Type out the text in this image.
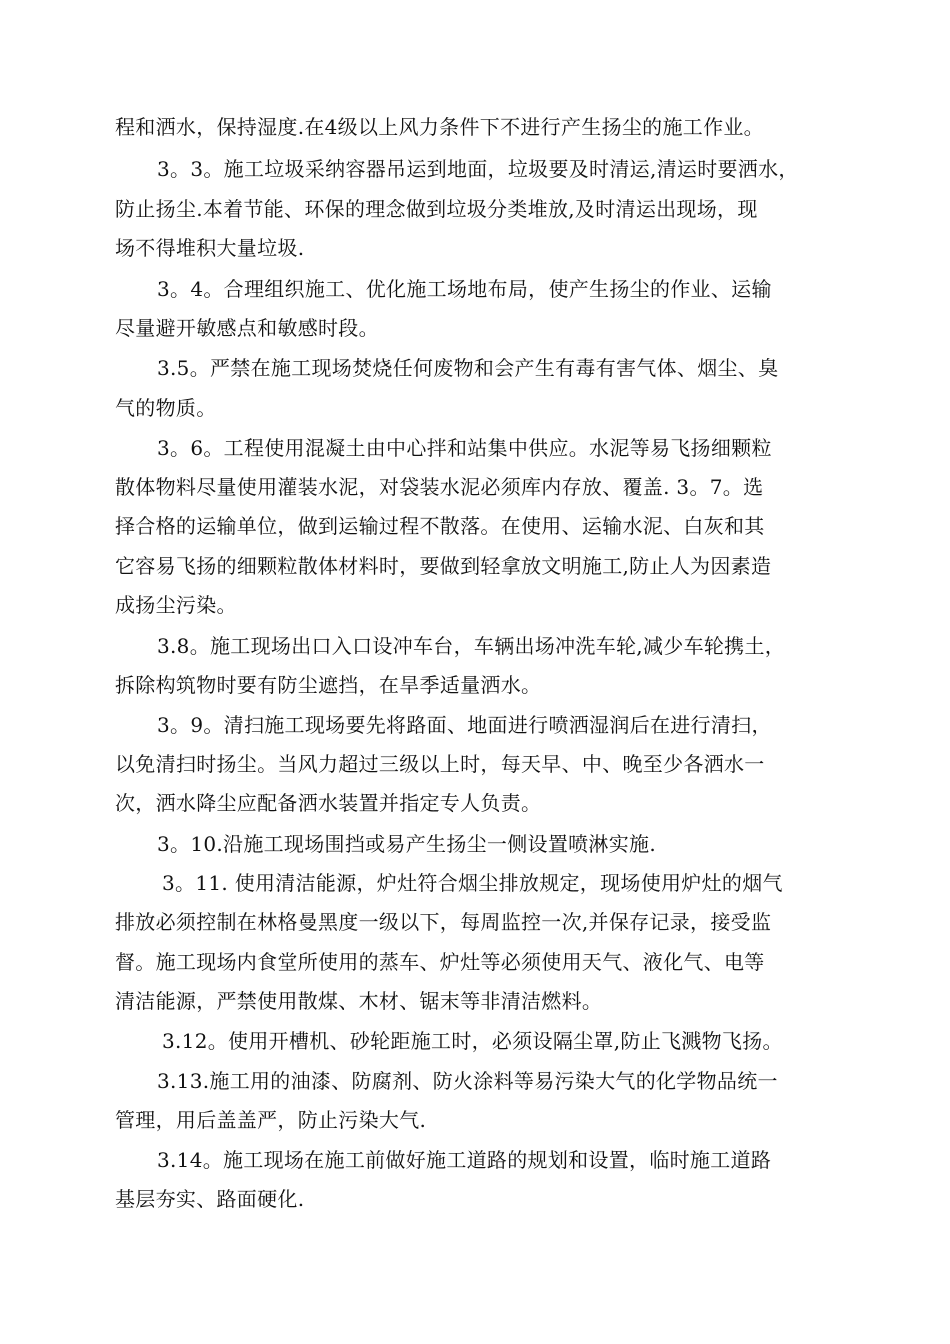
程和洒水，保持湿度.在4级以上风力条件下不进行产生扬尘的施工作业。
3。3。施工垃圾采纳容器吊运到地面，垃圾要及时清运,清运时要洒水，
防止扬尘.本着节能、环保的理念做到垃圾分类堆放,及时清运出现场，现
场不得堆积大量垃圾.
3。4。合理组织施工、优化施工场地布局，使产生扬尘的作业、运输
尽量避开敏感点和敏感时段。
3.5。严禁在施工现场焚烧任何废物和会产生有毒有害气体、烟尘、臭
气的物质。
3。6。工程使用混凝土由中心拌和站集中供应。水泥等易飞扬细颗粒
散体物料尽量使用灌装水泥，对袋装水泥必须库内存放、覆盖. 3。7。选
择合格的运输单位，做到运输过程不散落。在使用、运输水泥、白灰和其
它容易飞扬的细颗粒散体材料时，要做到轻拿放文明施工,防止人为因素造
成扬尘污染。
3.8。施工现场出口入口设冲车台，车辆出场冲洗车轮,减少车轮携土，
拆除构筑物时要有防尘遮挡，在旱季适量洒水。
3。9。清扫施工现场要先将路面、地面进行喷洒湿润后在进行清扫，
以免清扫时扬尘。当风力超过三级以上时，每天早、中、晚至少各洒水一
次，洒水降尘应配备洒水装置并指定专人负责。
3。10.沿施工现场围挡或易产生扬尘一侧设置喷淋实施.
3。11. 使用清洁能源，炉灶符合烟尘排放规定，现场使用炉灶的烟气
排放必须控制在林格曼黑度一级以下，每周监控一次,并保存记录，接受监
督。施工现场内食堂所使用的蒸车、炉灶等必须使用天气、液化气、电等
清洁能源，严禁使用散煤、木材、锯末等非清洁燃料。
3.12。使用开槽机、砂轮距施工时，必须设隔尘罩,防止飞溅物飞扬。
3.13.施工用的油漆、防腐剂、防火涂料等易污染大气的化学物品统一
管理，用后盖盖严，防止污染大气.
3.14。施工现场在施工前做好施工道路的规划和设置，临时施工道路
基层夯实、路面硬化.
